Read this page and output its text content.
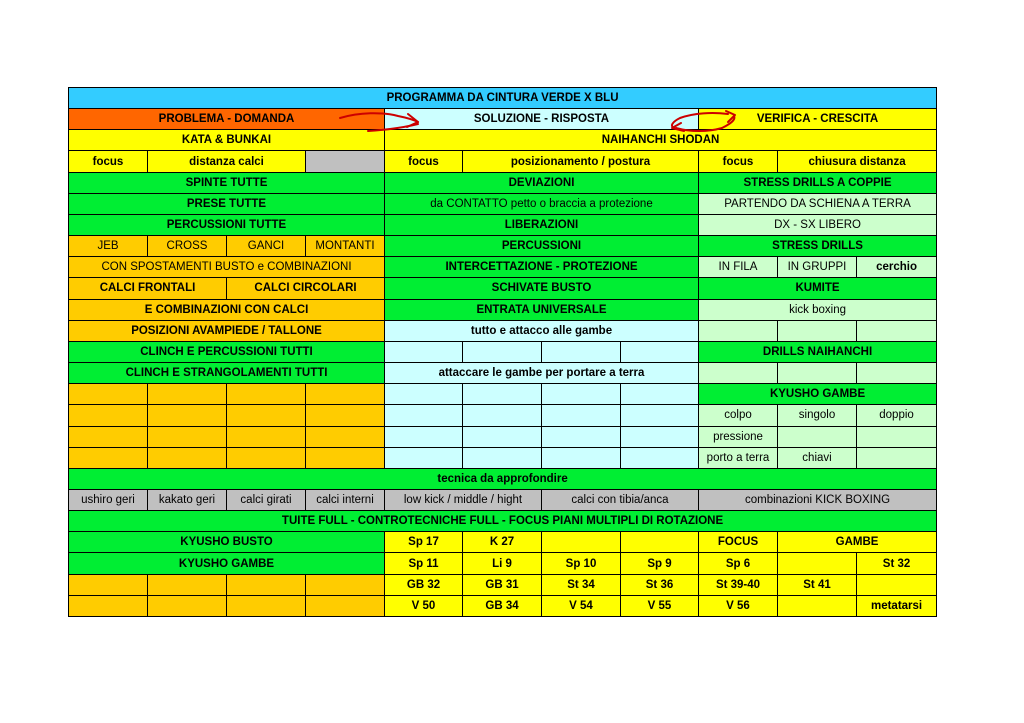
PROGRAMMA DA CINTURA VERDE X BLU										
PROBLEMA - DOMANDA				SOLUZIONE - RISPOSTA				VERIFICA - CRESCITA		
KATA & BUNKAI				NAIHANCHI SHODAN						
focus	distanza calci			focus	posizionamento / postura			focus	chiusura distanza	
SPINTE TUTTE				DEVIAZIONI				STRESS DRILLS A COPPIE		
PRESE TUTTE				da CONTATTO petto o braccia a protezione				PARTENDO DA SCHIENA A TERRA		
PERCUSSIONI TUTTE				LIBERAZIONI				DX - SX LIBERO		
JEB	CROSS	GANCI	MONTANTI	PERCUSSIONI				STRESS DRILLS		
CON SPOSTAMENTI BUSTO e COMBINAZIONI				INTERCETTAZIONE - PROTEZIONE				IN FILA	IN GRUPPI	cerchio
CALCI FRONTALI		CALCI CIRCOLARI		SCHIVATE BUSTO				KUMITE		
E COMBINAZIONI CON CALCI				ENTRATA UNIVERSALE				kick boxing		
POSIZIONI AVAMPIEDE / TALLONE				tutto e attacco alle gambe						
CLINCH E PERCUSSIONI TUTTI								DRILLS NAIHANCHI		
CLINCH E STRANGOLAMENTI TUTTI				attaccare le gambe per portare a terra						
								KYUSHO GAMBE		
								colpo	singolo	doppio
								pressione		
								porto a terra	chiavi	
tecnica da approfondire										
ushiro geri	kakato geri	calci girati	calci interni	low kick / middle / hight		calci con tibia/anca		combinazioni KICK BOXING		
TUITE FULL - CONTROTECNICHE FULL - FOCUS PIANI MULTIPLI DI ROTAZIONE										
KYUSHO BUSTO				Sp 17	K 27			FOCUS	GAMBE	
KYUSHO GAMBE				Sp 11	Li 9	Sp 10	Sp 9	Sp 6		St 32
				GB 32	GB 31	St 34	St 36	St 39-40	St 41	
				V 50	GB 34	V 54	V 55	V 56		metatarsi
